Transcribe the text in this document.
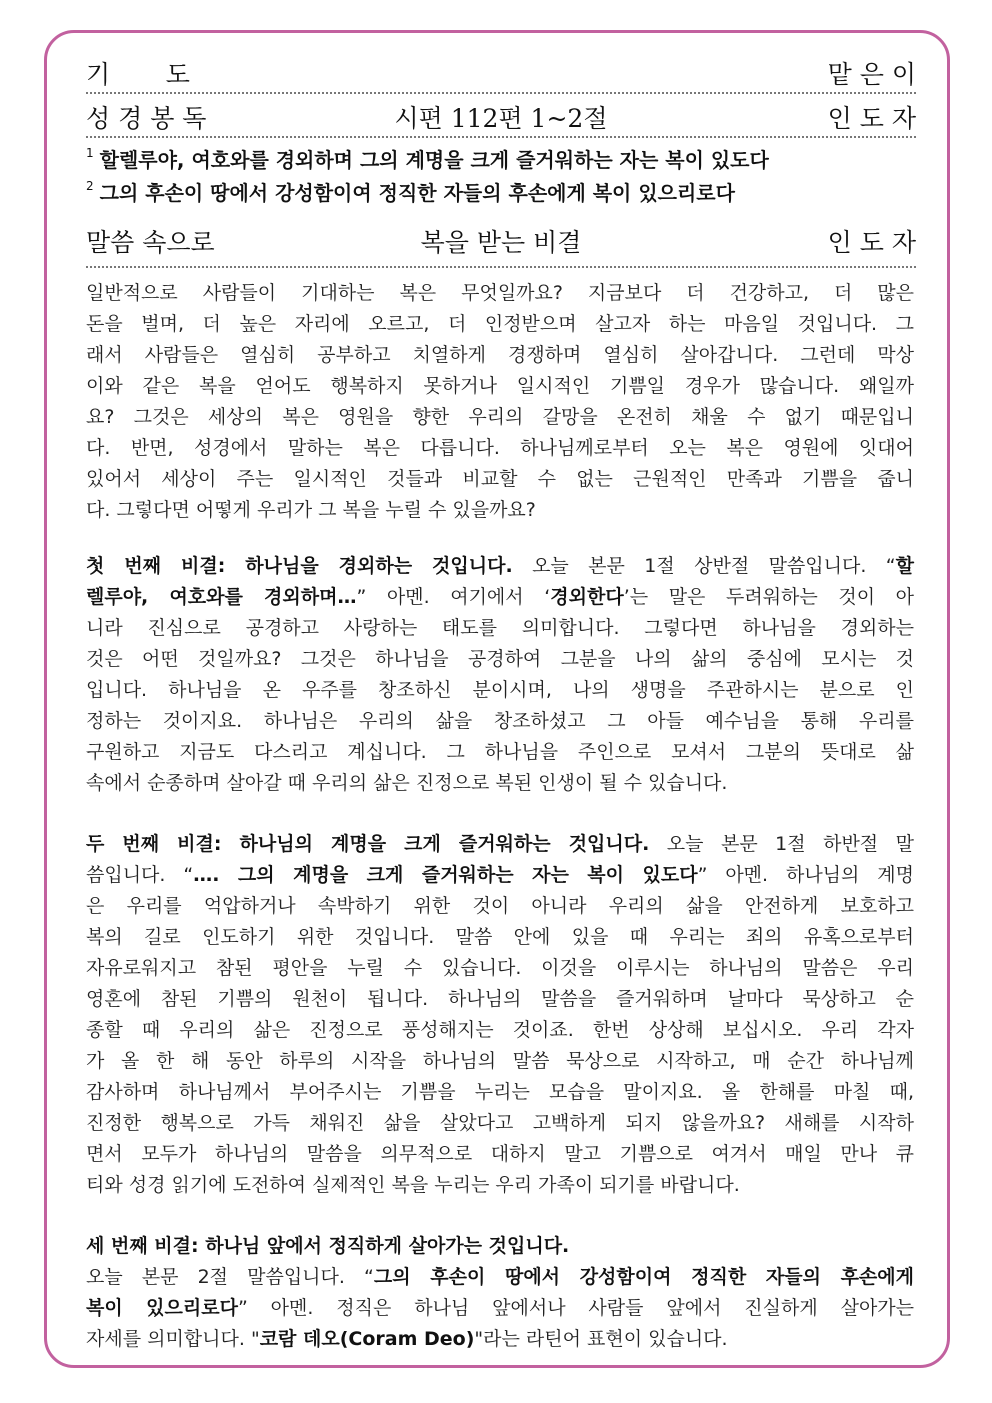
기       도	맡 은 이
성 경 봉 독	시편 112편 1~2절	인 도 자
$^1$ 할렐루야, 여호와를 경외하며 그의 계명을 크게 즐거워하는 자는 복이 있도다
$^2$ 그의 후손이 땅에서 강성함이여 정직한 자들의 후손에게 복이 있으리로다
말씀 속으로	복을 받는 비결	인 도 자
일반적으로 사람들이 기대하는 복은 무엇일까요? 지금보다 더 건강하고, 더 많은
돈을 벌며, 더 높은 자리에 오르고, 더 인정받으며 살고자 하는 마음일 것입니다. 그
래서 사람들은 열심히 공부하고 치열하게 경쟁하며 열심히 살아갑니다. 그런데 막상
이와 같은 복을 얻어도 행복하지 못하거나 일시적인 기쁨일 경우가 많습니다. 왜일까
요? 그것은 세상의 복은 영원을 향한 우리의 갈망을 온전히 채울 수 없기 때문입니
다. 반면, 성경에서 말하는 복은 다릅니다. 하나님께로부터 오는 복은 영원에 잇대어
있어서 세상이 주는 일시적인 것들과 비교할 수 없는 근원적인 만족과 기쁨을 줍니
다. 그렇다면 어떻게 우리가 그 복을 누릴 수 있을까요?
첫 번째 비결: 하나님을 경외하는 것입니다. 오늘 본문 1절 상반절 말씀입니다. “할
렐루야, 여호와를 경외하며…” 아멘. 여기에서 ‘경외한다’는 말은 두려워하는 것이 아
니라 진심으로 공경하고 사랑하는 태도를 의미합니다. 그렇다면 하나님을 경외하는
것은 어떤 것일까요? 그것은 하나님을 공경하여 그분을 나의 삶의 중심에 모시는 것
입니다. 하나님을 온 우주를 창조하신 분이시며, 나의 생명을 주관하시는 분으로 인
정하는 것이지요. 하나님은 우리의 삶을 창조하셨고 그 아들 예수님을 통해 우리를
구원하고 지금도 다스리고 계십니다. 그 하나님을 주인으로 모셔서 그분의 뜻대로 삶
속에서 순종하며 살아갈 때 우리의 삶은 진정으로 복된 인생이 될 수 있습니다.
두 번째 비결: 하나님의 계명을 크게 즐거워하는 것입니다. 오늘 본문 1절 하반절 말
씀입니다. “…. 그의 계명을 크게 즐거워하는 자는 복이 있도다” 아멘. 하나님의 계명
은 우리를 억압하거나 속박하기 위한 것이 아니라 우리의 삶을 안전하게 보호하고
복의 길로 인도하기 위한 것입니다. 말씀 안에 있을 때 우리는 죄의 유혹으로부터
자유로워지고 참된 평안을 누릴 수 있습니다. 이것을 이루시는 하나님의 말씀은 우리
영혼에 참된 기쁨의 원천이 됩니다. 하나님의 말씀을 즐거워하며 날마다 묵상하고 순
종할 때 우리의 삶은 진정으로 풍성해지는 것이죠. 한번 상상해 보십시오. 우리 각자
가 올 한 해 동안 하루의 시작을 하나님의 말씀 묵상으로 시작하고, 매 순간 하나님께
감사하며 하나님께서 부어주시는 기쁨을 누리는 모습을 말이지요. 올 한해를 마칠 때,
진정한 행복으로 가득 채워진 삶을 살았다고 고백하게 되지 않을까요? 새해를 시작하
면서 모두가 하나님의 말씀을 의무적으로 대하지 말고 기쁨으로 여겨서 매일 만나 큐
티와 성경 읽기에 도전하여 실제적인 복을 누리는 우리 가족이 되기를 바랍니다.
세 번째 비결: 하나님 앞에서 정직하게 살아가는 것입니다.
오늘 본문 2절 말씀입니다. “그의 후손이 땅에서 강성함이여 정직한 자들의 후손에게
복이 있으리로다” 아멘. 정직은 하나님 앞에서나 사람들 앞에서 진실하게 살아가는
자세를 의미합니다. "코람 데오(Coram Deo)"라는 라틴어 표현이 있습니다.
